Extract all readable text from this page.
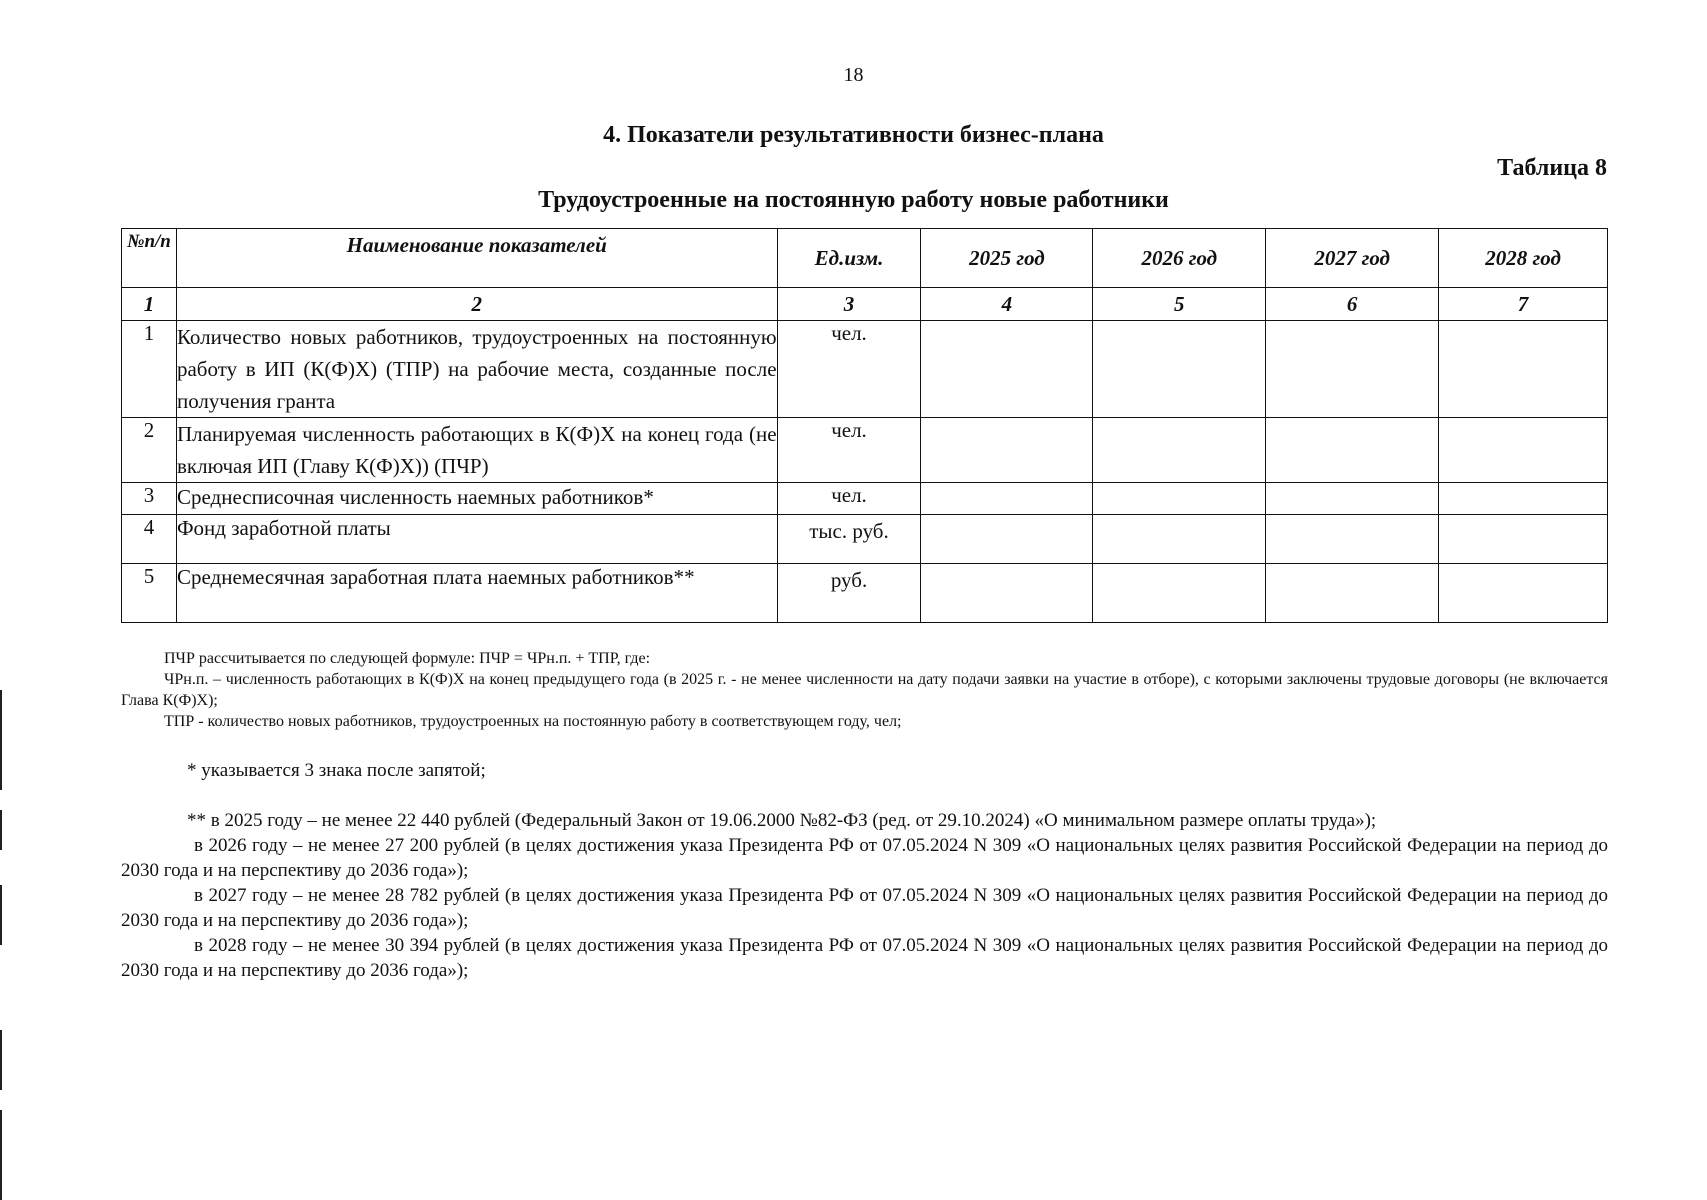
18
4. Показатели результативности бизнес-плана
Таблица 8
Трудоустроенные на постоянную работу новые работники
№п/п	Наименование показателей	Ед.изм.	2025 год	2026 год	2027 год	2028 год
1	2	3	4	5	6	7
1	Количество новых работников, трудоустроенных на постоянную работу в ИП (К(Ф)Х) (ТПР) на рабочие места, созданные после получения гранта	чел.				
2	Планируемая численность работающих в К(Ф)Х на конец года (не включая ИП (Главу К(Ф)Х)) (ПЧР)	чел.				
3	Среднесписочная численность наемных работников*	чел.				
4	Фонд заработной платы	тыс. руб.				
5	Среднемесячная заработная плата наемных работников**	руб.				

ПЧР рассчитывается по следующей формуле: ПЧР = ЧРн.п. + ТПР, где:

ЧРн.п. – численность работающих в К(Ф)Х на конец предыдущего года (в 2025 г. - не менее численности на дату подачи заявки на участие в отборе), с которыми заключены трудовые договоры (не включается Глава К(Ф)Х);

ТПР - количество новых работников, трудоустроенных на постоянную работу в соответствующем году, чел;

* указывается 3 знака после запятой;

** в 2025 году – не менее 22 440 рублей (Федеральный Закон от 19.06.2000 №82-ФЗ (ред. от 29.10.2024) «О минимальном размере оплаты труда»);

в 2026 году – не менее 27 200 рублей (в целях достижения указа Президента РФ от 07.05.2024 N 309 «О национальных целях развития Российской Федерации на период до 2030 года и на перспективу до 2036 года»);

в 2027 году – не менее 28 782 рублей (в целях достижения указа Президента РФ от 07.05.2024 N 309 «О национальных целях развития Российской Федерации на период до 2030 года и на перспективу до 2036 года»);

в 2028 году – не менее 30 394 рублей (в целях достижения указа Президента РФ от 07.05.2024 N 309 «О национальных целях развития Российской Федерации на период до 2030 года и на перспективу до 2036 года»);
